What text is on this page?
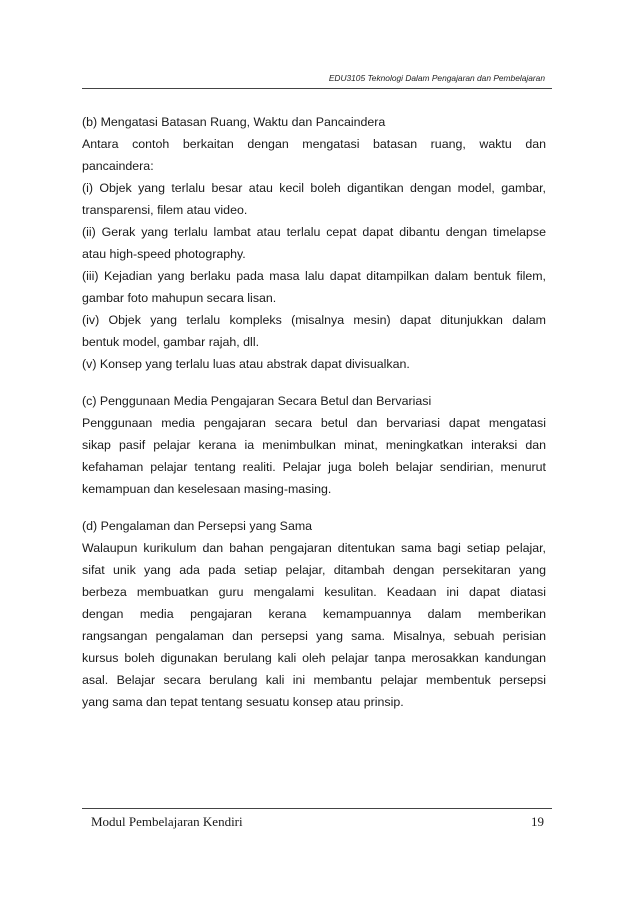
EDU3105 Teknologi Dalam Pengajaran dan Pembelajaran

(b) Mengatasi Batasan Ruang, Waktu dan Pancaindera

Antara contoh berkaitan dengan mengatasi batasan ruang, waktu dan
pancaindera:
(i) Objek yang terlalu besar atau kecil boleh digantikan dengan model, gambar,
transparensi, filem atau video.
(ii) Gerak yang terlalu lambat atau terlalu cepat dapat dibantu dengan timelapse
atau high-speed photography.
(iii) Kejadian yang berlaku pada masa lalu dapat ditampilkan dalam bentuk filem,
gambar foto mahupun secara lisan.
(iv) Objek yang terlalu kompleks (misalnya mesin) dapat ditunjukkan dalam
bentuk model, gambar rajah, dll.
(v) Konsep yang terlalu luas atau abstrak dapat divisualkan.

(c) Penggunaan Media Pengajaran Secara Betul dan Bervariasi

Penggunaan media pengajaran secara betul dan bervariasi dapat mengatasi
sikap pasif pelajar kerana ia menimbulkan minat, meningkatkan interaksi dan
kefahaman pelajar tentang realiti. Pelajar juga boleh belajar sendirian, menurut
kemampuan dan keselesaan masing-masing.

(d) Pengalaman dan Persepsi yang Sama

Walaupun kurikulum dan bahan pengajaran ditentukan sama bagi setiap pelajar,
sifat unik yang ada pada setiap pelajar, ditambah dengan persekitaran yang
berbeza membuatkan guru mengalami kesulitan. Keadaan ini dapat diatasi
dengan media pengajaran kerana kemampuannya dalam memberikan
rangsangan pengalaman dan persepsi yang sama. Misalnya, sebuah perisian
kursus boleh digunakan berulang kali oleh pelajar tanpa merosakkan kandungan
asal. Belajar secara berulang kali ini membantu pelajar membentuk persepsi
yang sama dan tepat tentang sesuatu konsep atau prinsip.

Modul Pembelajaran Kendiri	19
